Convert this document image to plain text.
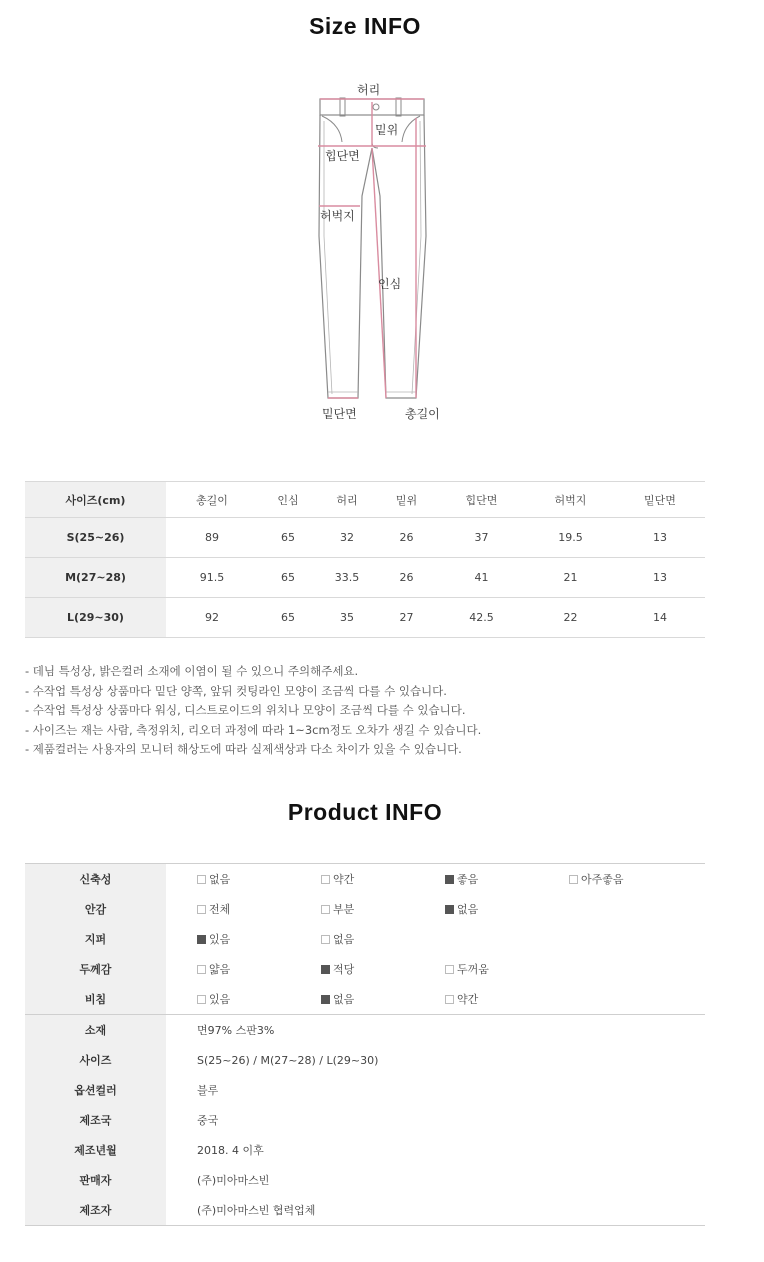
Size INFO
허리
밑위
힙단면
허벅지
인심
밑단면	총길이
사이즈(cm)	총길이	인심	허리	밑위	힙단면	허벅지	밑단면
S(25~26)	89	65	32	26	37	19.5	13
M(27~28)	91.5	65	33.5	26	41	21	13
L(29~30)	92	65	35	27	42.5	22	14
- 데님 특성상, 밝은컬러 소재에 이염이 될 수 있으니 주의해주세요.
- 수작업 특성상 상품마다 밑단 양쪽, 앞뒤 컷팅라인 모양이 조금씩 다를 수 있습니다.
- 수작업 특성상 상품마다 워싱, 디스트로이드의 위치나 모양이 조금씩 다를 수 있습니다.
- 사이즈는 재는 사람, 측정위치, 리오더 과정에 따라 1~3cm정도 오차가 생길 수 있습니다.
- 제품컬러는 사용자의 모니터 해상도에 따라 실제색상과 다소 차이가 있을 수 있습니다.
Product INFO
신축성	없음 약간 좋음 아주좋음
안감	전체 부분 없음
지퍼	있음 없음
두께감	얇음 적당 두꺼움
비침	있음 없음 약간
소재	면97% 스판3%
사이즈	S(25~26) / M(27~28) / L(29~30)
옵션컬러	블루
제조국	중국
제조년월	2018. 4 이후
판매자	(주)미아마스빈
제조자	(주)미아마스빈 협력업체
